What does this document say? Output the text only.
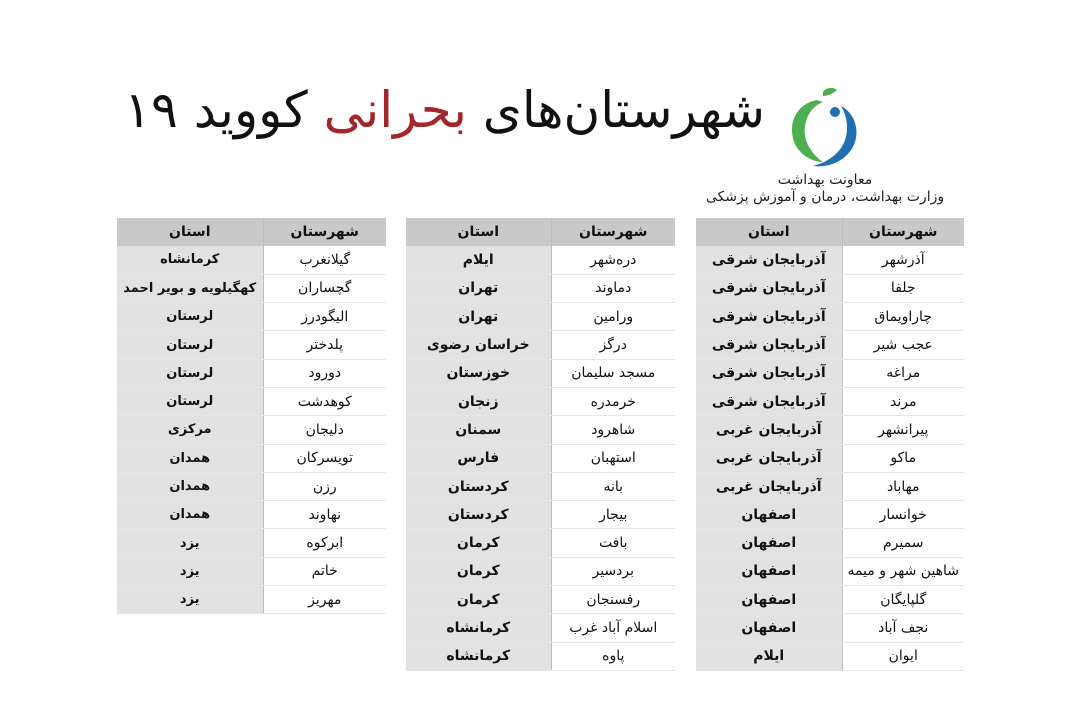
شهرستان‌های بحرانی کووید ۱۹
معاونت بهداشت
وزارت بهداشت، درمان و آموزش پزشکی
شهرستان	استان
آذرشهر	آذربایجان شرقی
جلفا	آذربایجان شرقی
چاراویماق	آذربایجان شرقی
عجب شیر	آذربایجان شرقی
مراغه	آذربایجان شرقی
مرند	آذربایجان شرقی
پیرانشهر	آذربایجان غربی
ماکو	آذربایجان غربی
مهاباد	آذربایجان غربی
خوانسار	اصفهان
سمیرم	اصفهان
شاهین شهر و میمه	اصفهان
گلپایگان	اصفهان
نجف آباد	اصفهان
ایوان	ایلام
شهرستان	استان
دره‌شهر	ایلام
دماوند	تهران
ورامین	تهران
درگز	خراسان رضوی
مسجد سلیمان	خوزستان
خرمدره	زنجان
شاهرود	سمنان
استهبان	فارس
بانه	کردستان
بیجار	کردستان
بافت	کرمان
بردسیر	کرمان
رفسنجان	کرمان
اسلام آباد غرب	کرمانشاه
پاوه	کرمانشاه
شهرستان	استان
گیلانغرب	کرمانشاه
گچساران	کهگیلویه و بویر احمد
الیگودرز	لرستان
پلدختر	لرستان
دورود	لرستان
کوهدشت	لرستان
دلیجان	مرکزی
تویسرکان	همدان
رزن	همدان
نهاوند	همدان
ابرکوه	یزد
خاتم	یزد
مهریز	یزد
